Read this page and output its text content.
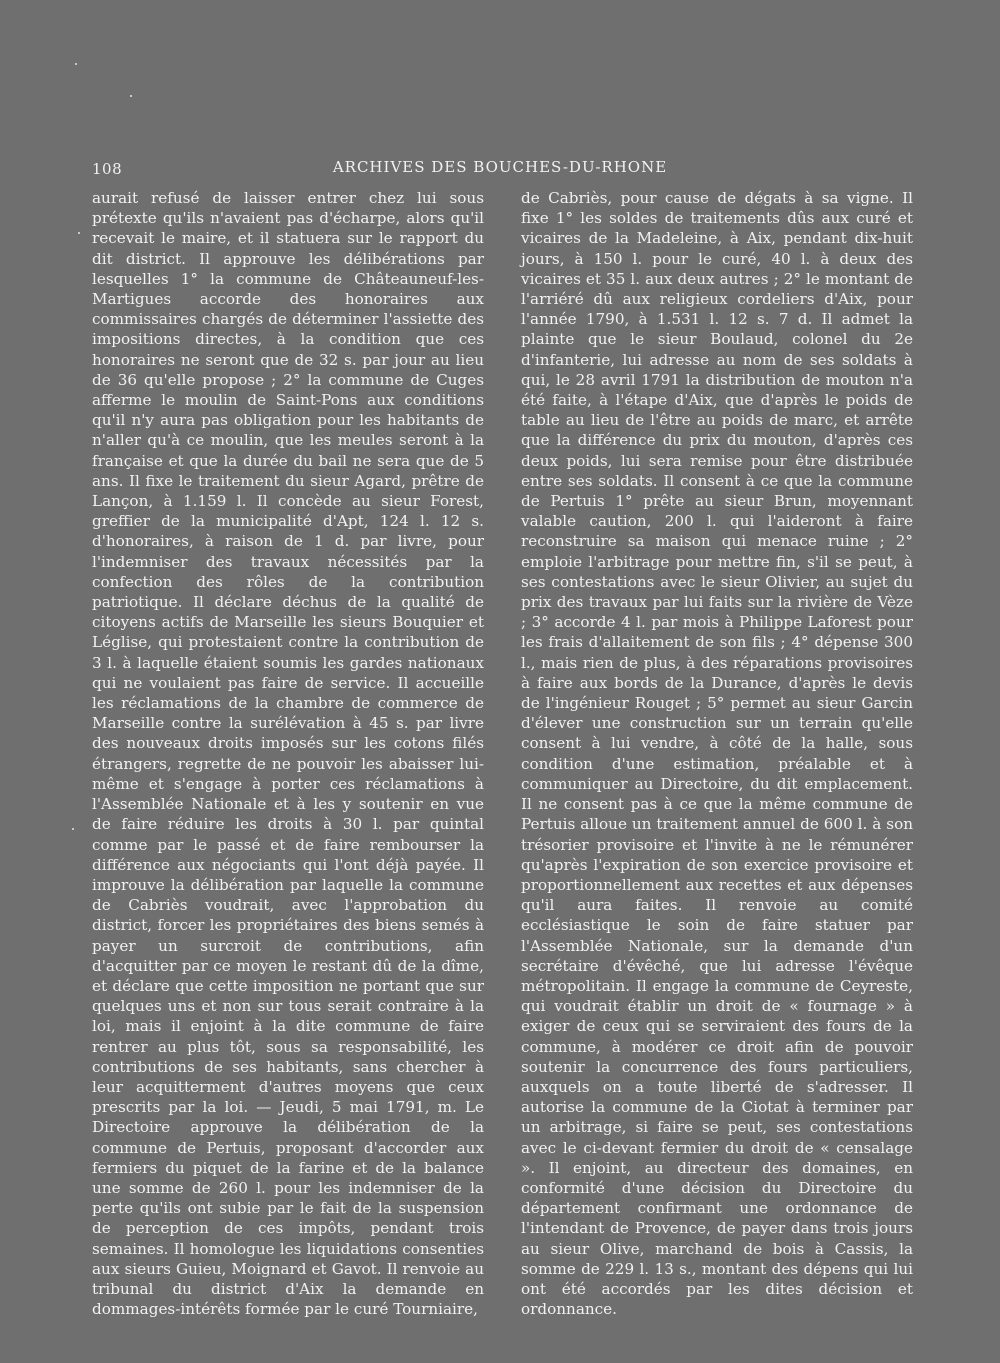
108	ARCHIVES DES BOUCHES-DU-RHONE

aurait refusé de laisser entrer chez lui sous prétexte qu'ils n'avaient pas d'écharpe, alors qu'il recevait le maire, et il statuera sur le rapport du dit district. Il approuve les délibérations par lesquelles 1° la commune de Châteauneuf-les-Martigues accorde des honoraires aux commissaires chargés de déterminer l'assiette des impositions directes, à la condition que ces honoraires ne seront que de 32 s. par jour au lieu de 36 qu'elle propose ; 2° la commune de Cuges afferme le moulin de Saint-Pons aux conditions qu'il n'y aura pas obligation pour les habitants de n'aller qu'à ce moulin, que les meules seront à la française et que la durée du bail ne sera que de 5 ans. Il fixe le traitement du sieur Agard, prêtre de Lançon, à 1.159 l. Il concède au sieur Forest, greffier de la municipalité d'Apt, 124 l. 12 s. d'honoraires, à raison de 1 d. par livre, pour l'indemniser des travaux nécessités par la confection des rôles de la contribution patriotique. Il déclare déchus de la qualité de citoyens actifs de Marseille les sieurs Bouquier et Léglise, qui protestaient contre la contribution de 3 l. à laquelle étaient soumis les gardes nationaux qui ne voulaient pas faire de service. Il accueille les réclamations de la chambre de commerce de Marseille contre la surélévation à 45 s. par livre des nouveaux droits imposés sur les cotons filés étrangers, regrette de ne pouvoir les abaisser lui-même et s'engage à porter ces réclamations à l'Assemblée Nationale et à les y soutenir en vue de faire réduire les droits à 30 l. par quintal comme par le passé et de faire rembourser la différence aux négociants qui l'ont déjà payée. Il improuve la délibération par laquelle la commune de Cabriès voudrait, avec l'approbation du district, forcer les propriétaires des biens semés à payer un surcroit de contributions, afin d'acquitter par ce moyen le restant dû de la dîme, et déclare que cette imposition ne portant que sur quelques uns et non sur tous serait contraire à la loi, mais il enjoint à la dite commune de faire rentrer au plus tôt, sous sa responsabilité, les contributions de ses habitants, sans chercher à leur acquitterment d'autres moyens que ceux prescrits par la loi. — Jeudi, 5 mai 1791, m. Le Directoire approuve la délibération de la commune de Pertuis, proposant d'accorder aux fermiers du piquet de la farine et de la balance une somme de 260 l. pour les indemniser de la perte qu'ils ont subie par le fait de la suspension de perception de ces impôts, pendant trois semaines. Il homologue les liquidations consenties aux sieurs Guieu, Moignard et Gavot. Il renvoie au tribunal du district d'Aix la demande en dommages-intérêts formée par le curé Tourniaire,

de Cabriès, pour cause de dégats à sa vigne. Il fixe 1° les soldes de traitements dûs aux curé et vicaires de la Madeleine, à Aix, pendant dix-huit jours, à 150 l. pour le curé, 40 l. à deux des vicaires et 35 l. aux deux autres ; 2° le montant de l'arriéré dû aux religieux cordeliers d'Aix, pour l'année 1790, à 1.531 l. 12 s. 7 d. Il admet la plainte que le sieur Boulaud, colonel du 2e d'infanterie, lui adresse au nom de ses soldats à qui, le 28 avril 1791 la distribution de mouton n'a été faite, à l'étape d'Aix, que d'après le poids de table au lieu de l'être au poids de marc, et arrête que la différence du prix du mouton, d'après ces deux poids, lui sera remise pour être distribuée entre ses soldats. Il consent à ce que la commune de Pertuis 1° prête au sieur Brun, moyennant valable caution, 200 l. qui l'aideront à faire reconstruire sa maison qui menace ruine ; 2° emploie l'arbitrage pour mettre fin, s'il se peut, à ses contestations avec le sieur Olivier, au sujet du prix des travaux par lui faits sur la rivière de Vèze ; 3° accorde 4 l. par mois à Philippe Laforest pour les frais d'allaitement de son fils ; 4° dépense 300 l., mais rien de plus, à des réparations provisoires à faire aux bords de la Durance, d'après le devis de l'ingénieur Rouget ; 5° permet au sieur Garcin d'élever une construction sur un terrain qu'elle consent à lui vendre, à côté de la halle, sous condition d'une estimation, préalable et à communiquer au Directoire, du dit emplacement. Il ne consent pas à ce que la même commune de Pertuis alloue un traitement annuel de 600 l. à son trésorier provisoire et l'invite à ne le rémunérer qu'après l'expiration de son exercice provisoire et proportionnellement aux recettes et aux dépenses qu'il aura faites. Il renvoie au comité ecclésiastique le soin de faire statuer par l'Assemblée Nationale, sur la demande d'un secrétaire d'évêché, que lui adresse l'évêque métropolitain. Il engage la commune de Ceyreste, qui voudrait établir un droit de « fournage » à exiger de ceux qui se serviraient des fours de la commune, à modérer ce droit afin de pouvoir soutenir la concurrence des fours particuliers, auxquels on a toute liberté de s'adresser. Il autorise la commune de la Ciotat à terminer par un arbitrage, si faire se peut, ses contestations avec le ci-devant fermier du droit de « censalage ». Il enjoint, au directeur des domaines, en conformité d'une décision du Directoire du département confirmant une ordonnance de l'intendant de Provence, de payer dans trois jours au sieur Olive, marchand de bois à Cassis, la somme de 229 l. 13 s., montant des dépens qui lui ont été accordés par les dites décision et ordonnance.
